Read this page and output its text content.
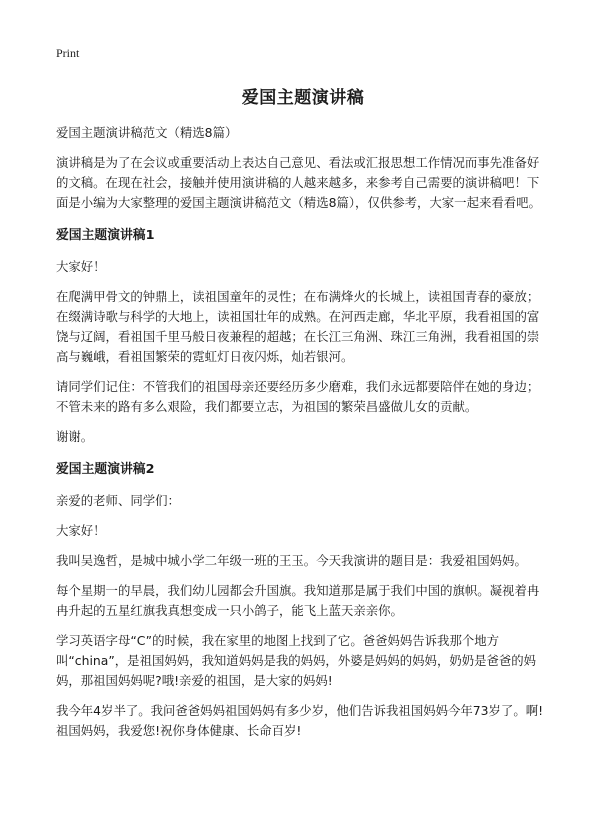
Print
爱国主题演讲稿

爱国主题演讲稿范文（精选8篇）

演讲稿是为了在会议或重要活动上表达自己意见、看法或汇报思想工作情况而事先准备好的文稿。在现在社会，接触并使用演讲稿的人越来越多，来参考自己需要的演讲稿吧！下面是小编为大家整理的爱国主题演讲稿范文（精选8篇），仅供参考，大家一起来看看吧。

爱国主题演讲稿1

大家好！

在爬满甲骨文的钟鼎上，读祖国童年的灵性；在布满烽火的长城上，读祖国青春的豪放；在缀满诗歌与科学的大地上，读祖国壮年的成熟。在河西走廊，华北平原，我看祖国的富饶与辽阔，看祖国千里马般日夜兼程的超越；在长江三角洲、珠江三角洲，我看祖国的崇高与巍峨，看祖国繁荣的霓虹灯日夜闪烁，灿若银河。

请同学们记住：不管我们的祖国母亲还要经历多少磨难，我们永远都要陪伴在她的身边；不管未来的路有多么艰险，我们都要立志，为祖国的繁荣昌盛做儿女的贡献。

谢谢。

爱国主题演讲稿2

亲爱的老师、同学们：

大家好！

我叫吴逸哲，是城中城小学二年级一班的王玉。今天我演讲的题目是：我爱祖国妈妈。

每个星期一的早晨，我们幼儿园都会升国旗。我知道那是属于我们中国的旗帜。凝视着冉冉升起的五星红旗我真想变成一只小鸽子，能飞上蓝天亲亲你。

学习英语字母“C”的时候，我在家里的地图上找到了它。爸爸妈妈告诉我那个地方叫“china”，是祖国妈妈，我知道妈妈是我的妈妈，外婆是妈妈的妈妈，奶奶是爸爸的妈妈，那祖国妈妈呢?哦!亲爱的祖国，是大家的妈妈!

我今年4岁半了。我问爸爸妈妈祖国妈妈有多少岁，他们告诉我祖国妈妈今年73岁了。啊!祖国妈妈，我爱您!祝你身体健康、长命百岁!
